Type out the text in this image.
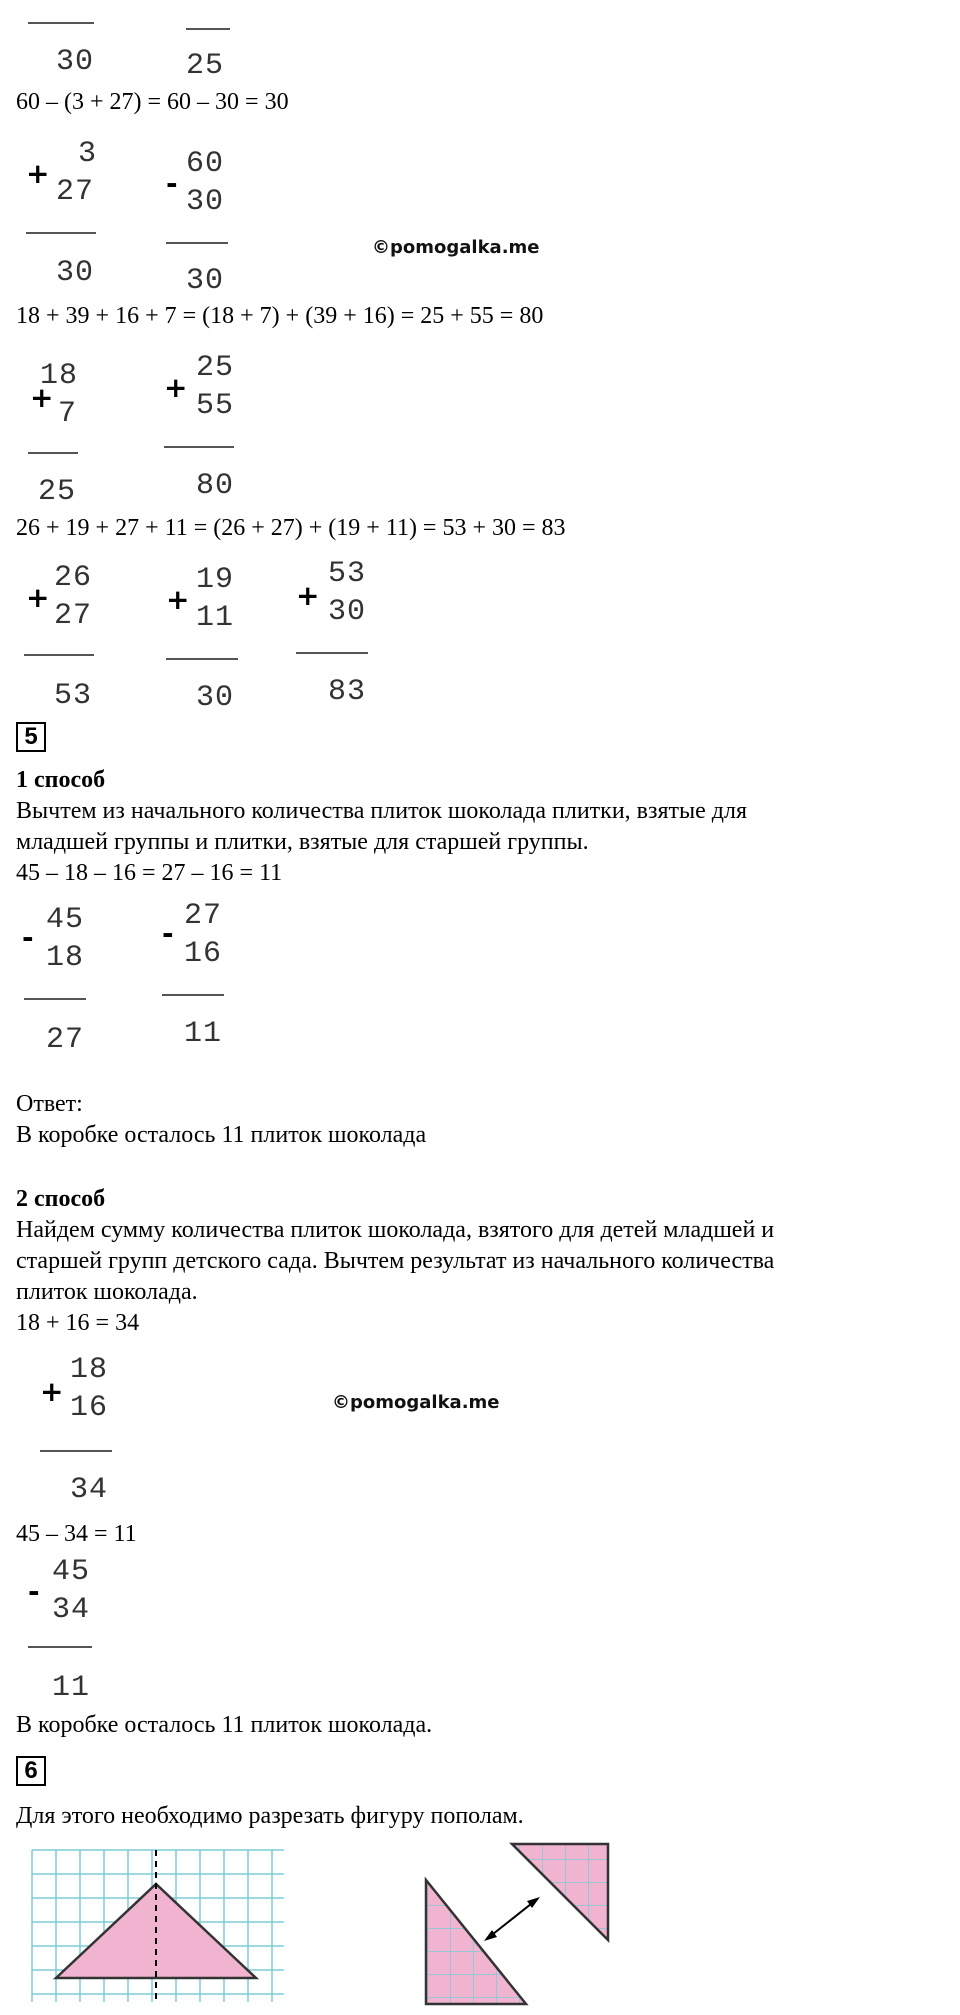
30	25
60 – (3 + 27) = 60 – 30 = 30
+
3
27
30
-
60
30
30
©pomogalka.me
18 + 39 + 16 + 7 = (18 + 7) + (39 + 16) = 25 + 55 = 80
+
18
7
25
+
25
55
80
26 + 19 + 27 + 11 = (26 + 27) + (19 + 11) = 53 + 30 = 83
+
26
27
53
+
19
11
30
+
53
30
83
5
1 способ
Вычтем из начального количества плиток шоколада плитки, взятые для
младшей группы и плитки, взятые для старшей группы.
45 – 18 – 16 = 27 – 16 = 11
-
45
18
27
-
27
16
11
Ответ:
В коробке осталось 11 плиток шоколада
2 способ
Найдем сумму количества плиток шоколада, взятого для детей младшей и
старшей групп детского сада. Вычтем результат из начального количества
плиток шоколада.
18 + 16 = 34
+
18
16
34
©pomogalka.me
45 – 34 = 11
-
45
34
11
В коробке осталось 11 плиток шоколада.
6
Для этого необходимо разрезать фигуру пополам.
